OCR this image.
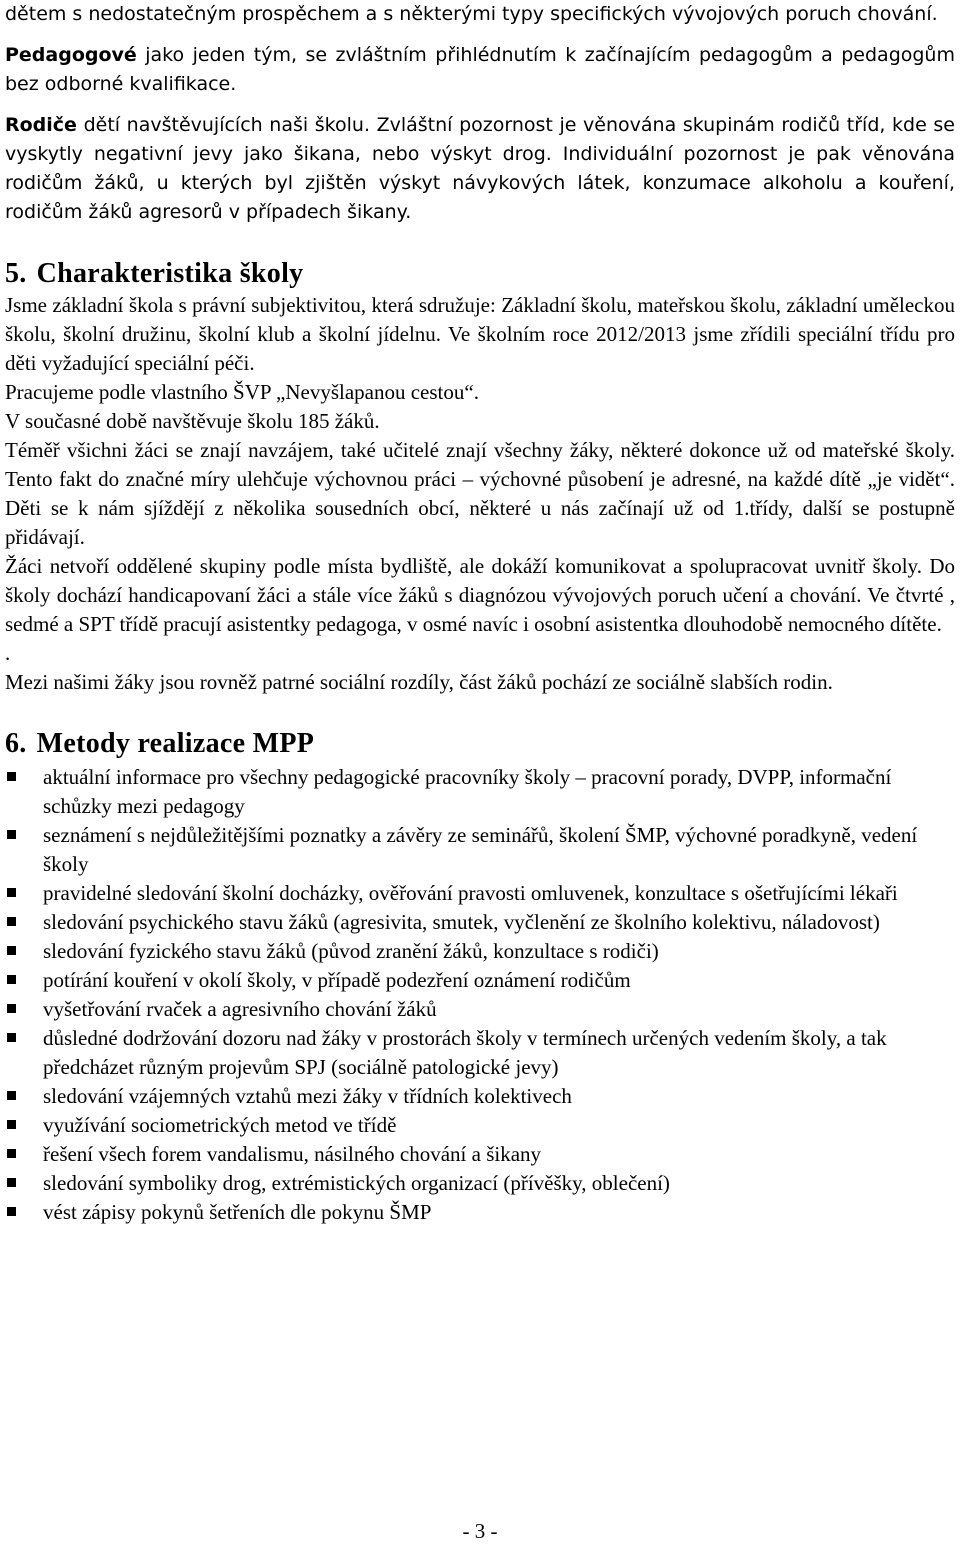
dětem s nedostatečným prospěchem a s některými typy specifických vývojových poruch chování.

Pedagogové jako jeden tým, se zvláštním přihlédnutím k začínajícím pedagogům a pedagogům bez odborné kvalifikace.

Rodiče dětí navštěvujících naši školu. Zvláštní pozornost je věnována skupinám rodičů tříd, kde se vyskytly negativní jevy jako šikana, nebo výskyt drog. Individuální pozornost je pak věnována rodičům žáků, u kterých byl zjištěn výskyt návykových látek, konzumace alkoholu a kouření, rodičům žáků agresorů v případech šikany.

5. Charakteristika školy

Jsme základní škola s právní subjektivitou, která sdružuje: Základní školu, mateřskou školu, základní uměleckou školu, školní družinu, školní klub a školní jídelnu. Ve školním roce 2012/2013 jsme zřídili speciální třídu pro děti vyžadující speciální péči.

Pracujeme podle vlastního ŠVP „Nevyšlapanou cestou“.

V současné době navštěvuje školu 185 žáků.

Téměř všichni žáci se znají navzájem, také učitelé znají všechny žáky, některé dokonce už od mateřské školy. Tento fakt do značné míry ulehčuje výchovnou práci – výchovné působení je adresné, na každé dítě „je vidět“. Děti se k nám sjíždějí z několika sousedních obcí, některé u nás začínají už od 1.třídy, další se postupně přidávají.

Žáci netvoří oddělené skupiny podle místa bydliště, ale dokáží komunikovat a spolupracovat uvnitř školy. Do školy dochází handicapovaní žáci a stále více žáků s diagnózou vývojových poruch učení a chování. Ve čtvrté , sedmé a SPT třídě pracují asistentky pedagoga, v osmé navíc i osobní asistentka dlouhodobě nemocného dítěte.

.

Mezi našimi žáky jsou rovněž patrné sociální rozdíly, část žáků pochází ze sociálně slabších rodin.

6. Metody realizace MPP
aktuální informace pro všechny pedagogické pracovníky školy – pracovní porady, DVPP, informační schůzky mezi pedagogy
seznámení s nejdůležitějšími poznatky a závěry ze seminářů, školení ŠMP, výchovné poradkyně, vedení školy
pravidelné sledování školní docházky, ověřování pravosti omluvenek, konzultace s ošetřujícími lékaři
sledování psychického stavu žáků (agresivita, smutek, vyčlenění ze školního kolektivu, náladovost)
sledování fyzického stavu žáků (původ zranění žáků, konzultace s rodiči)
potírání kouření v okolí školy, v případě podezření oznámení rodičům
vyšetřování rvaček a agresivního chování žáků
důsledné dodržování dozoru nad žáky v prostorách školy v termínech určených vedením školy, a tak předcházet různým projevům SPJ (sociálně patologické jevy)
sledování vzájemných vztahů mezi žáky v třídních kolektivech
využívání sociometrických metod ve třídě
řešení všech forem vandalismu, násilného chování a šikany
sledování symboliky drog, extrémistických organizací (přívěšky, oblečení)
vést zápisy pokynů šetřeních dle pokynu ŠMP
- 3 -
